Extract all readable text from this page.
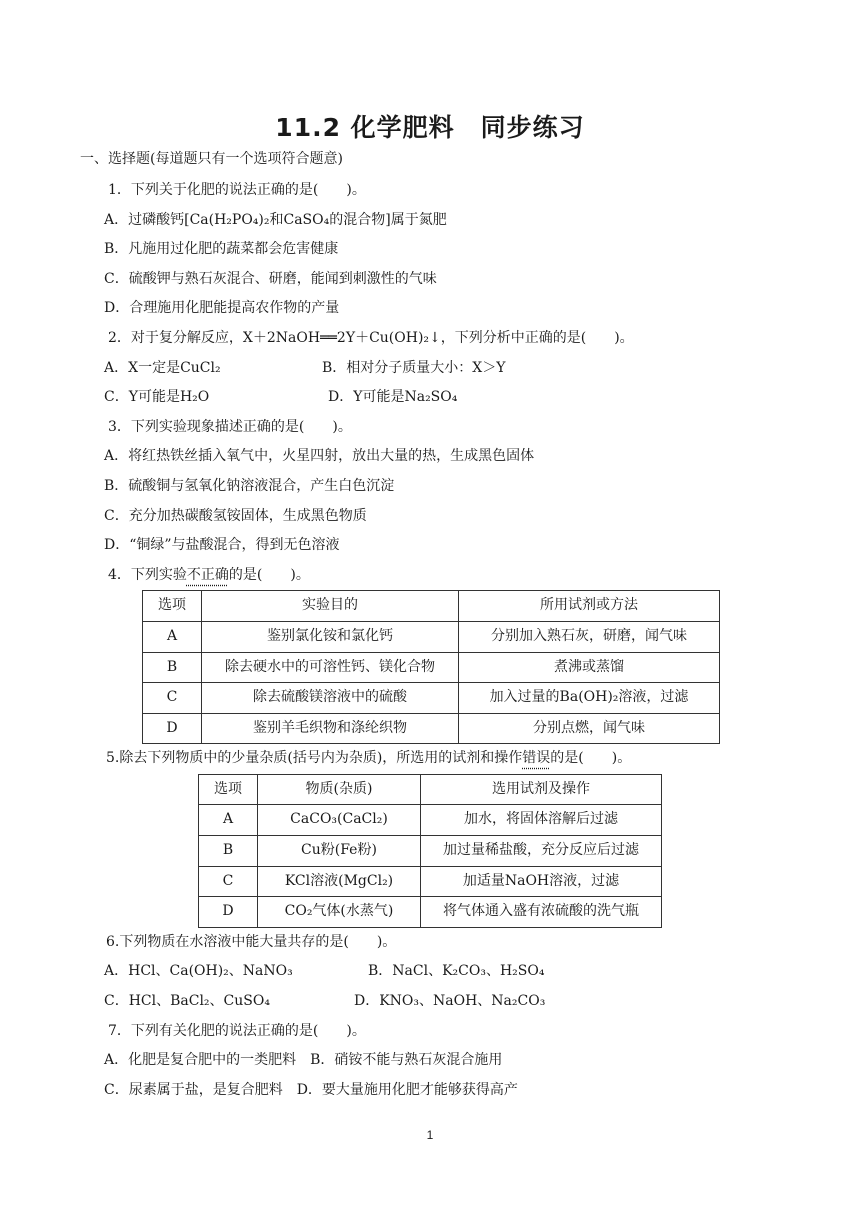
11.2 化学肥料　同步练习
一、选择题(每道题只有一个选项符合题意)

1．下列关于化肥的说法正确的是(　　)。

A．过磷酸钙[Ca(H₂PO₄)₂和CaSO₄的混合物]属于氮肥

B．凡施用过化肥的蔬菜都会危害健康

C．硫酸钾与熟石灰混合、研磨，能闻到刺激性的气味

D．合理施用化肥能提高农作物的产量

2．对于复分解反应，X＋2NaOH══2Y＋Cu(OH)₂↓，下列分析中正确的是(　　)。

A．X一定是CuCl₂	B．相对分子质量大小：X＞Y

C．Y可能是H₂O	D．Y可能是Na₂SO₄

3．下列实验现象描述正确的是(　　)。

A．将红热铁丝插入氧气中，火星四射，放出大量的热，生成黑色固体

B．硫酸铜与氢氧化钠溶液混合，产生白色沉淀

C．充分加热碳酸氢铵固体，生成黑色物质

D．“铜绿”与盐酸混合，得到无色溶液

4．下列实验不正确的是(　　)。

选项	实验目的	所用试剂或方法
A	鉴别氯化铵和氯化钙	分别加入熟石灰，研磨，闻气味
B	除去硬水中的可溶性钙、镁化合物	煮沸或蒸馏
C	除去硫酸镁溶液中的硫酸	加入过量的Ba(OH)₂溶液，过滤
D	鉴别羊毛织物和涤纶织物	分别点燃，闻气味

5.除去下列物质中的少量杂质(括号内为杂质)，所选用的试剂和操作错误的是(　　)。

选项	物质(杂质)	选用试剂及操作
A	CaCO₃(CaCl₂)	加水，将固体溶解后过滤
B	Cu粉(Fe粉)	加过量稀盐酸，充分反应后过滤
C	KCl溶液(MgCl₂)	加适量NaOH溶液，过滤
D	CO₂气体(水蒸气)	将气体通入盛有浓硫酸的洗气瓶

6.下列物质在水溶液中能大量共存的是(　　)。

A．HCl、Ca(OH)₂、NaNO₃	B．NaCl、K₂CO₃、H₂SO₄

C．HCl、BaCl₂、CuSO₄	D．KNO₃、NaOH、Na₂CO₃

7．下列有关化肥的说法正确的是(　　)。

A．化肥是复合肥中的一类肥料　B．硝铵不能与熟石灰混合施用

C．尿素属于盐，是复合肥料　D．要大量施用化肥才能够获得高产

1
